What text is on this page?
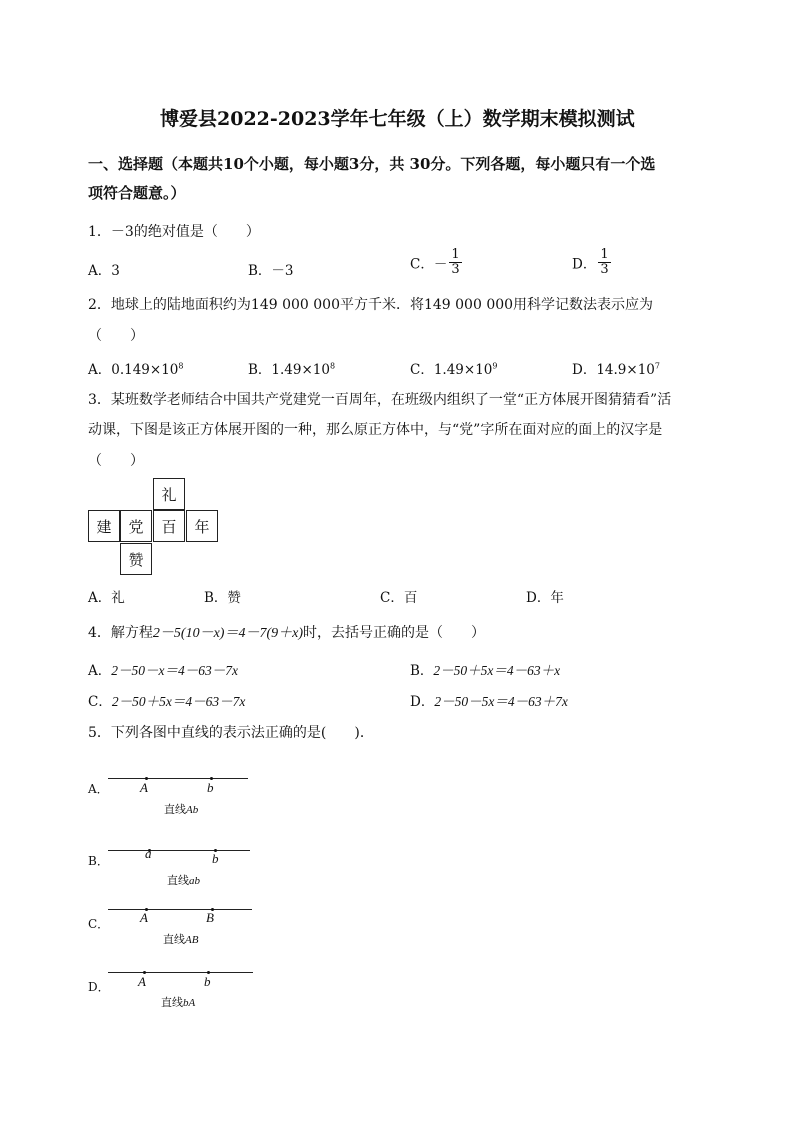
博爱县2022-2023学年七年级（上）数学期末模拟测试
一、选择题（本题共10个小题，每小题3分，共 30分。下列各题，每小题只有一个选
项符合题意。）
1．－3的绝对值是（　　）
A．3	B．－3	C．－ $\frac{1}{3}$	D． $\frac{1}{3}$
2．地球上的陆地面积约为149 000 000平方千米．将149 000 000用科学记数法表示应为
（　　）
A．$0.149\times 10^8$	B．$1.49\times 10^8$	C．$1.49\times 10^9$	D．$14.9\times 10^7$
3．某班数学老师结合中国共产党建党一百周年，在班级内组织了一堂“正方体展开图猜猜看”活
动课，下图是该正方体展开图的一种，那么原正方体中，与“党”字所在面对应的面上的汉字是
（　　）
礼
建	党	百	年
赞
A．礼	B．赞	C．百	D．年
4．解方程2－5(10－x)＝4－7(9＋x)时，去括号正确的是（　　）
A．2－50－x＝4－63－7x	B．2－50＋5x＝4－63＋x
C．2－50＋5x＝4－63－7x	D．2－50－5x＝4－63＋7x
5．下列各图中直线的表示法正确的是(　　)．
A． A	b
直线Ab
B．	a	b
直线ab
C． A	B
直线AB
D． A	b
直线bA
